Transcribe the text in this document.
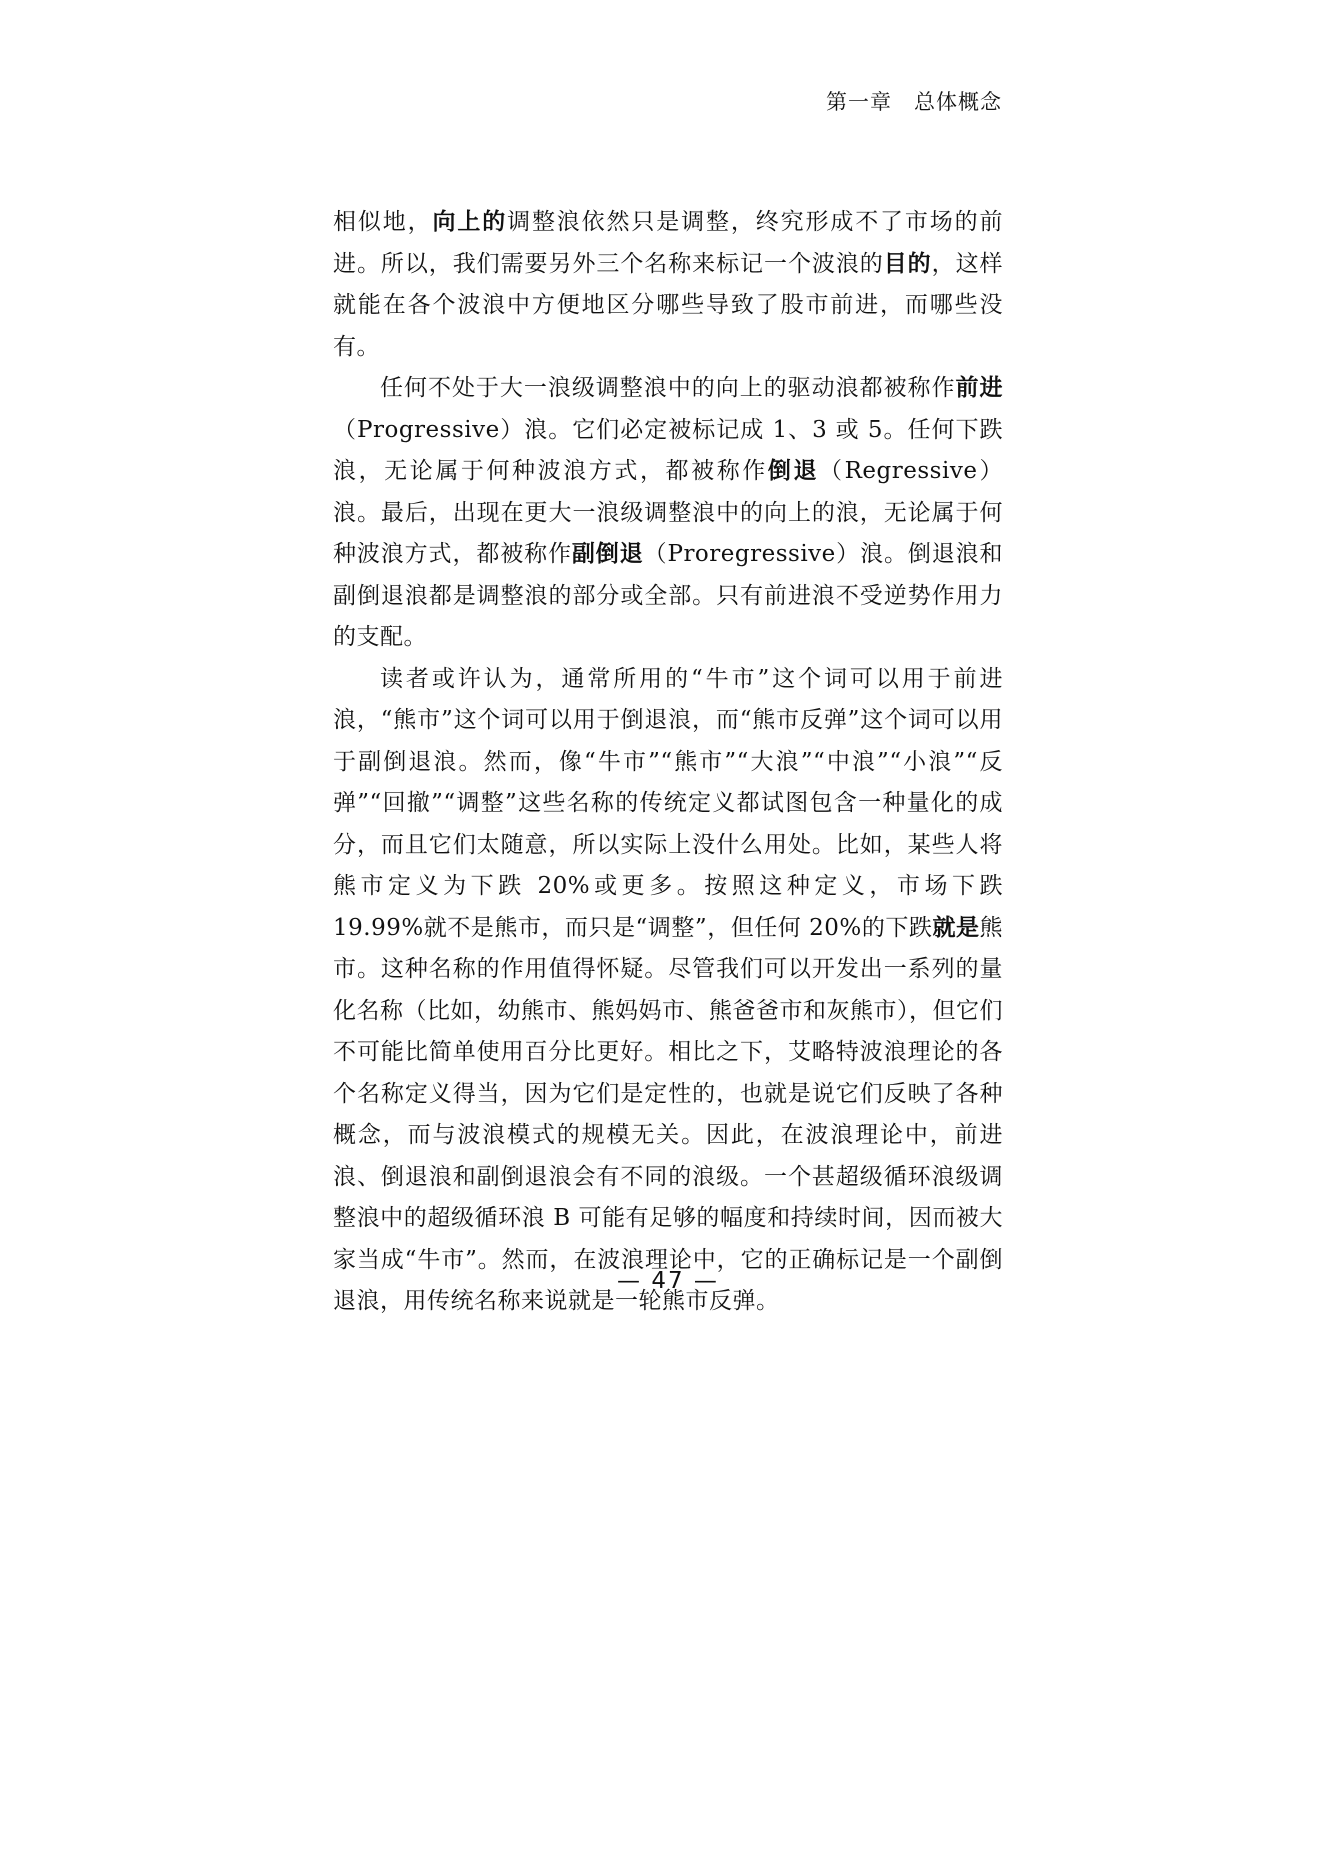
第一章　总体概念

相似地，向上的调整浪依然只是调整，终究形成不了市场的前进。所以，我们需要另外三个名称来标记一个波浪的目的，这样就能在各个波浪中方便地区分哪些导致了股市前进，而哪些没有。

任何不处于大一浪级调整浪中的向上的驱动浪都被称作前进（Progressive）浪。它们必定被标记成 1、3 或 5。任何下跌浪，无论属于何种波浪方式，都被称作倒退（Regressive）浪。最后，出现在更大一浪级调整浪中的向上的浪，无论属于何种波浪方式，都被称作副倒退（Proregressive）浪。倒退浪和副倒退浪都是调整浪的部分或全部。只有前进浪不受逆势作用力的支配。

读者或许认为，通常所用的“牛市”这个词可以用于前进浪，“熊市”这个词可以用于倒退浪，而“熊市反弹”这个词可以用于副倒退浪。然而，像“牛市”“熊市”“大浪”“中浪”“小浪”“反弹”“回撤”“调整”这些名称的传统定义都试图包含一种量化的成分，而且它们太随意，所以实际上没什么用处。比如，某些人将熊市定义为下跌 20%或更多。按照这种定义，市场下跌 19.99%就不是熊市，而只是“调整”，但任何 20%的下跌就是熊市。这种名称的作用值得怀疑。尽管我们可以开发出一系列的量化名称（比如，幼熊市、熊妈妈市、熊爸爸市和灰熊市），但它们不可能比简单使用百分比更好。相比之下，艾略特波浪理论的各个名称定义得当，因为它们是定性的，也就是说它们反映了各种概念，而与波浪模式的规模无关。因此，在波浪理论中，前进浪、倒退浪和副倒退浪会有不同的浪级。一个甚超级循环浪级调整浪中的超级循环浪 B 可能有足够的幅度和持续时间，因而被大家当成“牛市”。然而，在波浪理论中，它的正确标记是一个副倒退浪，用传统名称来说就是一轮熊市反弹。

— 47 —
